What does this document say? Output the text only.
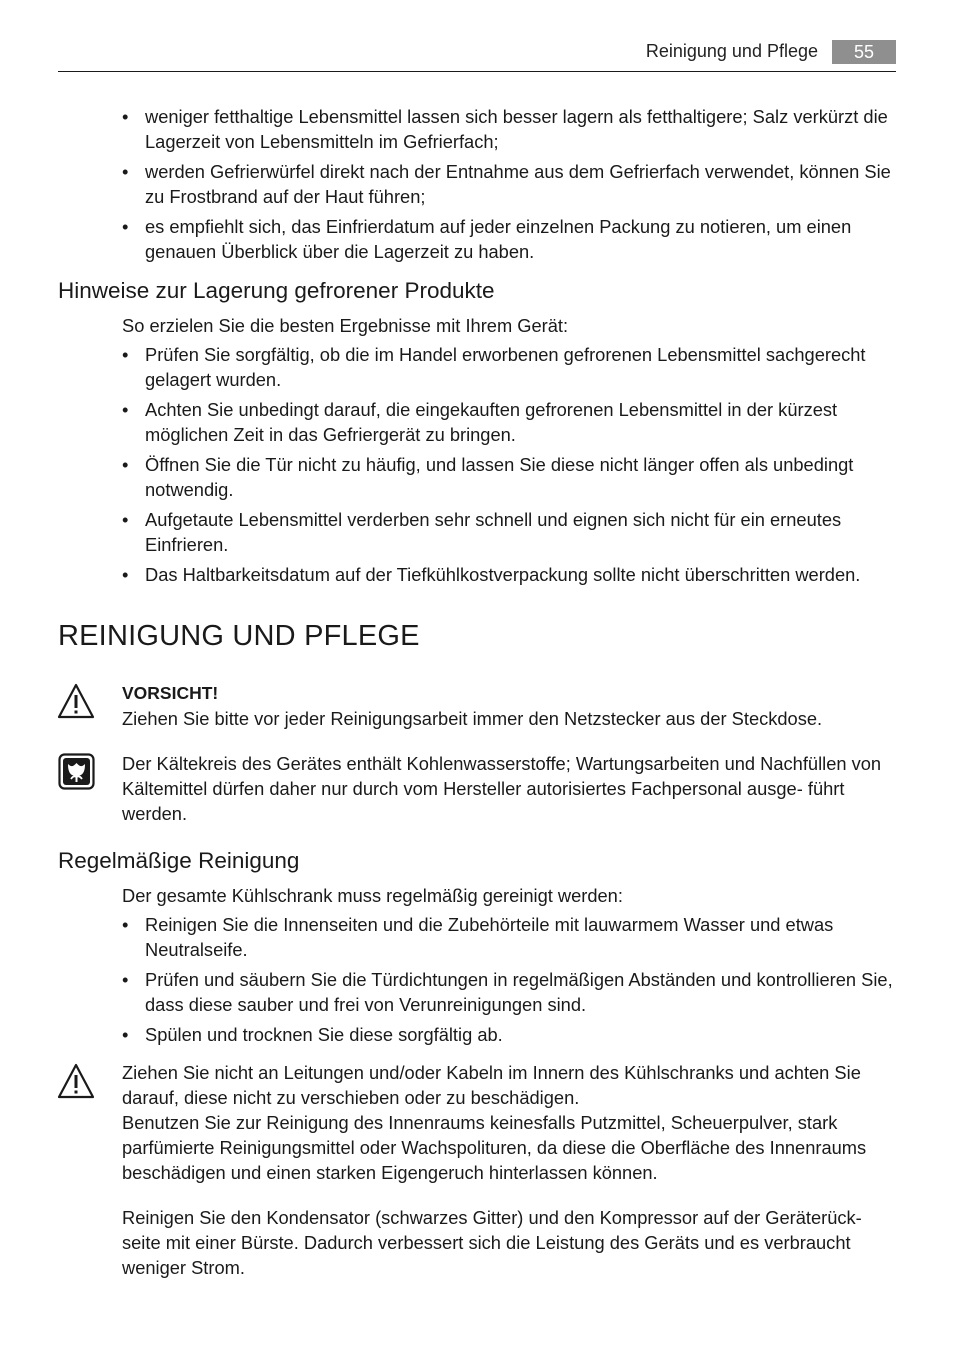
Reinigung und Pflege	55
• weniger fetthaltige Lebensmittel lassen sich besser lagern als fetthaltigere; Salz verkürzt die Lagerzeit von Lebensmitteln im Gefrierfach;
• werden Gefrierwürfel direkt nach der Entnahme aus dem Gefrierfach verwendet, können Sie zu Frostbrand auf der Haut führen;
• es empfiehlt sich, das Einfrierdatum auf jeder einzelnen Packung zu notieren, um einen genauen Überblick über die Lagerzeit zu haben.
Hinweise zur Lagerung gefrorener Produkte
So erzielen Sie die besten Ergebnisse mit Ihrem Gerät:
• Prüfen Sie sorgfältig, ob die im Handel erworbenen gefrorenen Lebensmittel sachgerecht gelagert wurden.
• Achten Sie unbedingt darauf, die eingekauften gefrorenen Lebensmittel in der kürzest möglichen Zeit in das Gefriergerät zu bringen.
• Öffnen Sie die Tür nicht zu häufig, und lassen Sie diese nicht länger offen als unbedingt notwendig.
• Aufgetaute Lebensmittel verderben sehr schnell und eignen sich nicht für ein erneutes Einfrieren.
• Das Haltbarkeitsdatum auf der Tiefkühlkostverpackung sollte nicht überschritten werden.
REINIGUNG UND PFLEGE

VORSICHT!

Ziehen Sie bitte vor jeder Reinigungsarbeit immer den Netzstecker aus der Steckdose.

Der Kältekreis des Gerätes enthält Kohlenwasserstoffe; Wartungsarbeiten und Nachfüllen von Kältemittel dürfen daher nur durch vom Hersteller autorisiertes Fachpersonal ausge- führt werden.

Regelmäßige Reinigung
Der gesamte Kühlschrank muss regelmäßig gereinigt werden:
• Reinigen Sie die Innenseiten und die Zubehörteile mit lauwarmem Wasser und etwas Neutralseife.
• Prüfen und säubern Sie die Türdichtungen in regelmäßigen Abständen und kontrollieren Sie, dass diese sauber und frei von Verunreinigungen sind.
• Spülen und trocknen Sie diese sorgfältig ab.

Ziehen Sie nicht an Leitungen und/oder Kabeln im Innern des Kühlschranks und achten Sie darauf, diese nicht zu verschieben oder zu beschädigen.

Benutzen Sie zur Reinigung des Innenraums keinesfalls Putzmittel, Scheuerpulver, stark parfümierte Reinigungsmittel oder Wachspolituren, da diese die Oberfläche des Innenraums beschädigen und einen starken Eigengeruch hinterlassen können.

Reinigen Sie den Kondensator (schwarzes Gitter) und den Kompressor auf der Geräterück- seite mit einer Bürste. Dadurch verbessert sich die Leistung des Geräts und es verbraucht weniger Strom.
